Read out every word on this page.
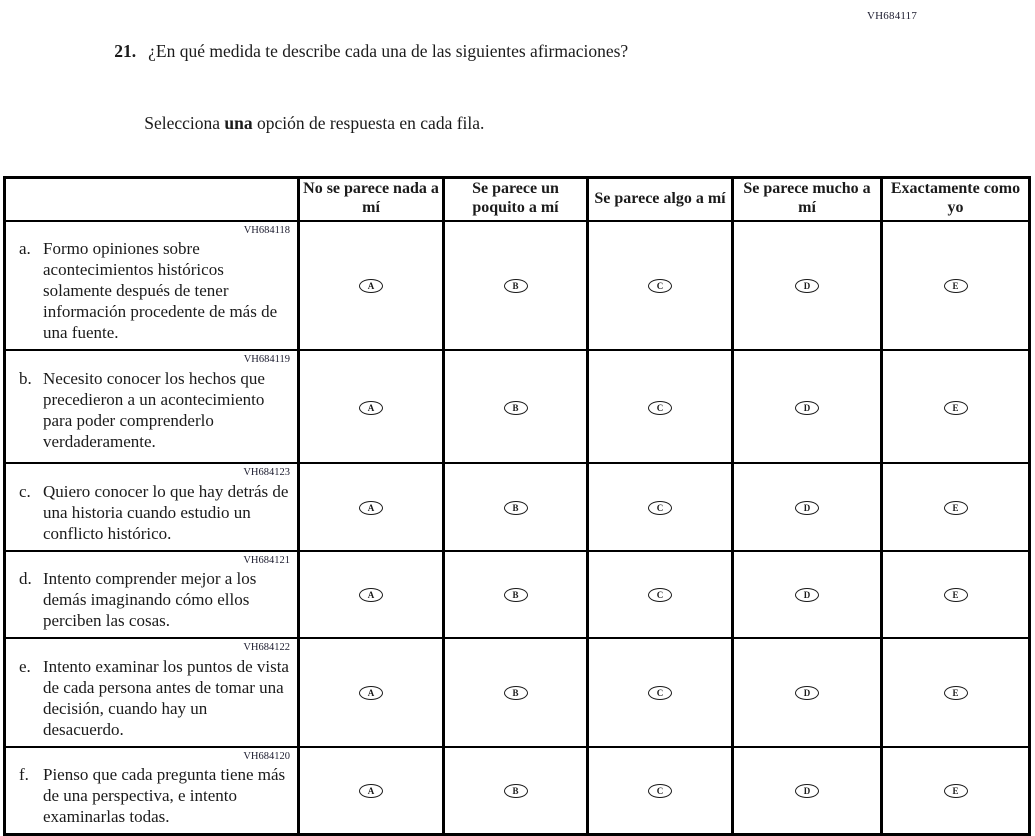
VH684117

21. ¿En qué medida te describe cada una de las siguientes afirmaciones?

Selecciona una opción de respuesta en cada fila.

	No se parece nada a mí	Se parece un poquito a mí	Se parece algo a mí	Se parece mucho a mí	Exactamente como yo

VH684118
a. Formo opiniones sobre acontecimientos históricos solamente después de tener información procedente de más de una fuente.	A	B	C	D	E

VH684119
b. Necesito conocer los hechos que precedieron a un acontecimiento para poder comprenderlo verdaderamente.	A	B	C	D	E

VH684123
c. Quiero conocer lo que hay detrás de una historia cuando estudio un conflicto histórico.	A	B	C	D	E

VH684121
d. Intento comprender mejor a los demás imaginando cómo ellos perciben las cosas.	A	B	C	D	E

VH684122
e. Intento examinar los puntos de vista de cada persona antes de tomar una decisión, cuando hay un desacuerdo.	A	B	C	D	E

VH684120
f. Pienso que cada pregunta tiene más de una perspectiva, e intento examinarlas todas.	A	B	C	D	E
